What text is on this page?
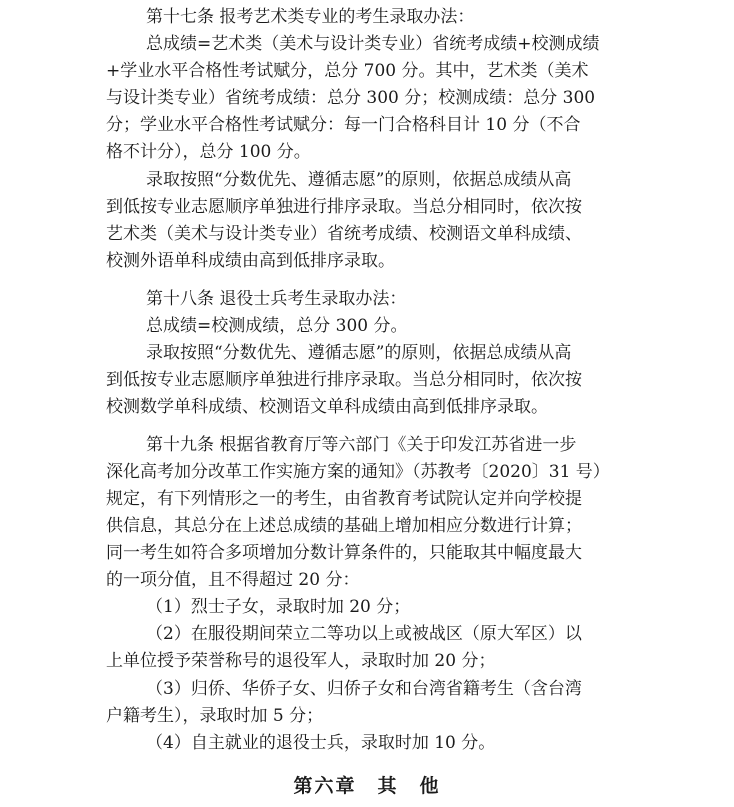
第十七条 报考艺术类专业的考生录取办法：
总成绩=艺术类（美术与设计类专业）省统考成绩+校测成绩
+学业水平合格性考试赋分，总分 700 分。其中，艺术类（美术
与设计类专业）省统考成绩：总分 300 分；校测成绩：总分 300
分；学业水平合格性考试赋分：每一门合格科目计 10 分（不合
格不计分），总分 100 分。
录取按照“分数优先、遵循志愿”的原则，依据总成绩从高
到低按专业志愿顺序单独进行排序录取。当总分相同时，依次按
艺术类（美术与设计类专业）省统考成绩、校测语文单科成绩、
校测外语单科成绩由高到低排序录取。
第十八条 退役士兵考生录取办法：
总成绩=校测成绩，总分 300 分。
录取按照“分数优先、遵循志愿”的原则，依据总成绩从高
到低按专业志愿顺序单独进行排序录取。当总分相同时，依次按
校测数学单科成绩、校测语文单科成绩由高到低排序录取。
第十九条 根据省教育厅等六部门《关于印发江苏省进一步
深化高考加分改革工作实施方案的通知》（苏教考〔2020〕31 号）
规定，有下列情形之一的考生，由省教育考试院认定并向学校提
供信息，其总分在上述总成绩的基础上增加相应分数进行计算；
同一考生如符合多项增加分数计算条件的，只能取其中幅度最大
的一项分值，且不得超过 20 分：
（1）烈士子女，录取时加 20 分；
（2）在服役期间荣立二等功以上或被战区（原大军区）以
上单位授予荣誉称号的退役军人，录取时加 20 分；
（3）归侨、华侨子女、归侨子女和台湾省籍考生（含台湾
户籍考生），录取时加 5 分；
（4）自主就业的退役士兵，录取时加 10 分。
第六章　其　他
